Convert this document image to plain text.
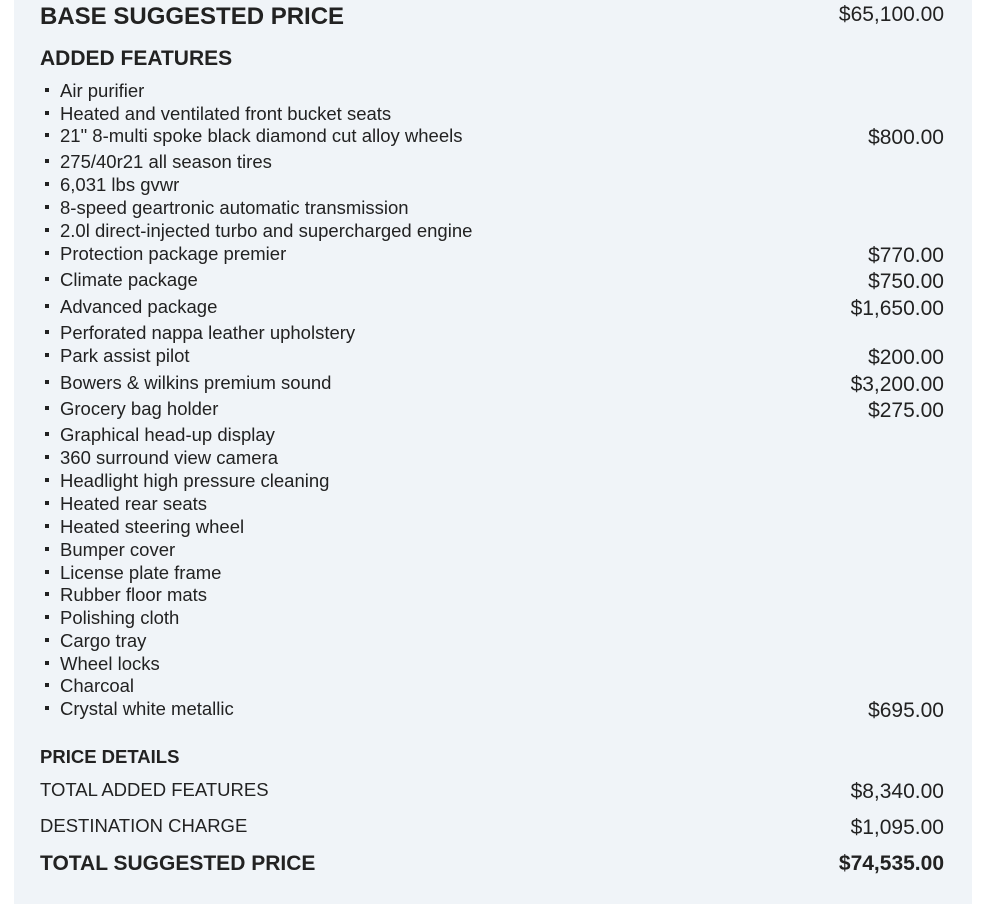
BASE SUGGESTED PRICE	$65,100.00
ADDED FEATURES
Air purifier
Heated and ventilated front bucket seats
21" 8-multi spoke black diamond cut alloy wheels	$800.00
275/40r21 all season tires
6,031 lbs gvwr
8-speed geartronic automatic transmission
2.0l direct-injected turbo and supercharged engine
Protection package premier	$770.00
Climate package	$750.00
Advanced package	$1,650.00
Perforated nappa leather upholstery
Park assist pilot	$200.00
Bowers & wilkins premium sound	$3,200.00
Grocery bag holder	$275.00
Graphical head-up display
360 surround view camera
Headlight high pressure cleaning
Heated rear seats
Heated steering wheel
Bumper cover
License plate frame
Rubber floor mats
Polishing cloth
Cargo tray
Wheel locks
Charcoal
Crystal white metallic	$695.00
PRICE DETAILS
TOTAL ADDED FEATURES	$8,340.00
DESTINATION CHARGE	$1,095.00
TOTAL SUGGESTED PRICE	$74,535.00
